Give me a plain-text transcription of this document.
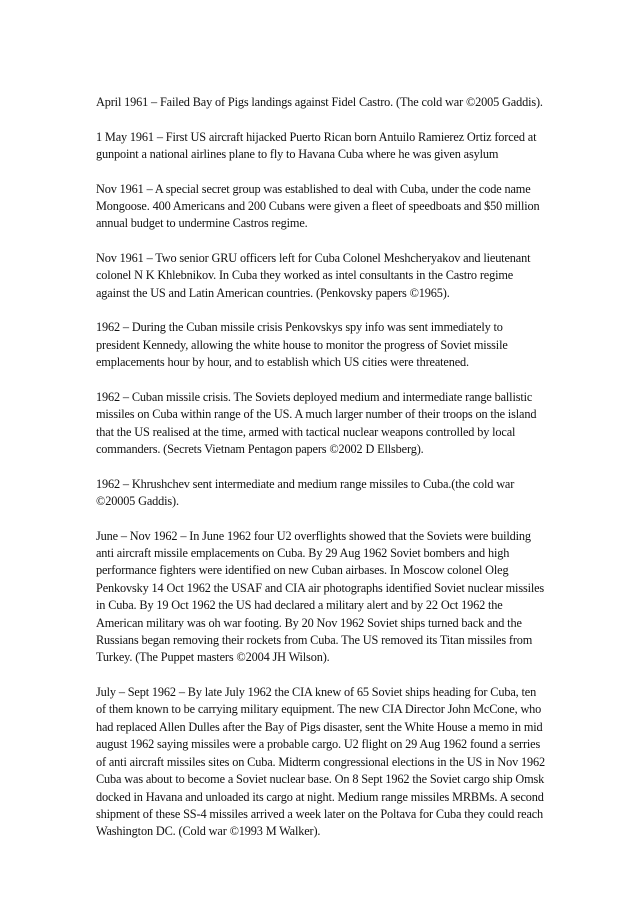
April 1961 – Failed Bay of Pigs landings against Fidel Castro. (The cold war ©2005 Gaddis).

1 May 1961 – First US aircraft hijacked Puerto Rican born Antuilo Ramierez Ortiz forced at gunpoint a national airlines plane to fly to Havana Cuba where he was given asylum

Nov 1961 – A special secret group was established to deal with Cuba, under the code name Mongoose. 400 Americans and 200 Cubans were given a fleet of speedboats and $50 million annual budget to undermine Castros regime.

Nov 1961 – Two senior GRU officers left for Cuba Colonel Meshcheryakov and lieutenant colonel N K Khlebnikov. In Cuba they worked as intel consultants in the Castro regime against the US and Latin American countries. (Penkovsky papers ©1965).

1962 – During the Cuban missile crisis Penkovskys spy info was sent immediately to president Kennedy, allowing the white house to monitor the progress of Soviet missile emplacements hour by hour, and to establish which US cities were threatened.

1962 – Cuban missile crisis. The Soviets deployed medium and intermediate range ballistic missiles on Cuba within range of the US. A much larger number of their troops on the island that the US realised at the time, armed with tactical nuclear weapons controlled by local commanders. (Secrets Vietnam Pentagon papers ©2002 D Ellsberg).

1962 – Khrushchev sent intermediate and medium range missiles to Cuba.(the cold war ©20005 Gaddis).

June – Nov 1962 – In June 1962 four U2 overflights showed that the Soviets were building anti aircraft missile emplacements on Cuba. By 29 Aug 1962 Soviet bombers and high performance fighters were identified on new Cuban airbases. In Moscow colonel Oleg Penkovsky 14 Oct 1962 the USAF and CIA air photographs identified Soviet nuclear missiles in Cuba. By 19 Oct 1962 the US had declared a military alert and by 22 Oct 1962 the American military was oh war footing. By 20 Nov 1962 Soviet ships turned back and the Russians began removing their rockets from Cuba. The US removed its Titan missiles from Turkey. (The Puppet masters ©2004 JH Wilson).

July – Sept 1962 – By late July 1962 the CIA knew of 65 Soviet ships heading for Cuba, ten of them known to be carrying military equipment. The new CIA Director John McCone, who had replaced Allen Dulles after the Bay of Pigs disaster, sent the White House a memo in mid august 1962 saying missiles were a probable cargo. U2 flight on 29 Aug 1962 found a serries of anti aircraft missiles sites on Cuba. Midterm congressional elections in the US in Nov 1962 Cuba was about to become a Soviet nuclear base. On 8 Sept 1962 the Soviet cargo ship Omsk docked in Havana and unloaded its cargo at night. Medium range missiles MRBMs. A second shipment of these SS-4 missiles arrived a week later on the Poltava for Cuba they could reach Washington DC. (Cold war ©1993 M Walker).
